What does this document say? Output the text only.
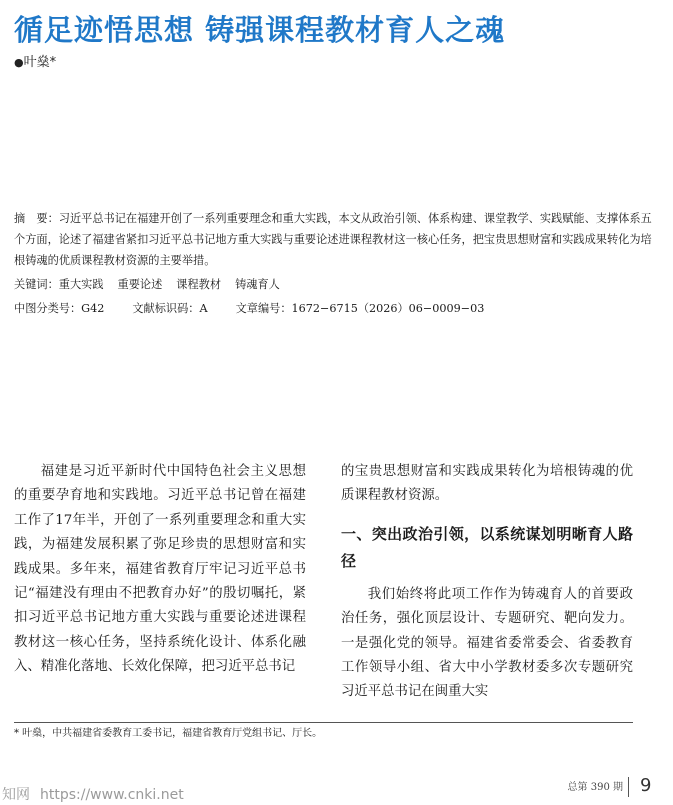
循足迹悟思想 铸强课程教材育人之魂
●叶燊*
摘　要：习近平总书记在福建开创了一系列重要理念和重大实践，本文从政治引领、体系构建、课堂教学、实践赋能、支撑体系五个方面，论述了福建省紧扣习近平总书记地方重大实践与重要论述进课程教材这一核心任务，把宝贵思想财富和实践成果转化为培根铸魂的优质课程教材资源的主要举措。
关键词：重大实践 重要论述 课程教材 铸魂育人
中图分类号：G42	文献标识码：A	文章编号：1672−6715（2026）06−0009−03

福建是习近平新时代中国特色社会主义思想的重要孕育地和实践地。习近平总书记曾在福建工作了17年半，开创了一系列重要理念和重大实践，为福建发展积累了弥足珍贵的思想财富和实践成果。多年来，福建省教育厅牢记习近平总书记“福建没有理由不把教育办好”的殷切嘱托，紧扣习近平总书记地方重大实践与重要论述进课程教材这一核心任务，坚持系统化设计、体系化融入、精准化落地、长效化保障，把习近平总书记

的宝贵思想财富和实践成果转化为培根铸魂的优质课程教材资源。

一、突出政治引领，以系统谋划明晰育人路径

我们始终将此项工作作为铸魂育人的首要政治任务，强化顶层设计、专题研究、靶向发力。一是强化党的领导。福建省委常委会、省委教育工作领导小组、省大中小学教材委多次专题研究习近平总书记在闽重大实

* 叶燊，中共福建省委教育工委书记，福建省教育厅党组书记、厅长。
知网 https://www.cnki.net	总第 390 期 9
